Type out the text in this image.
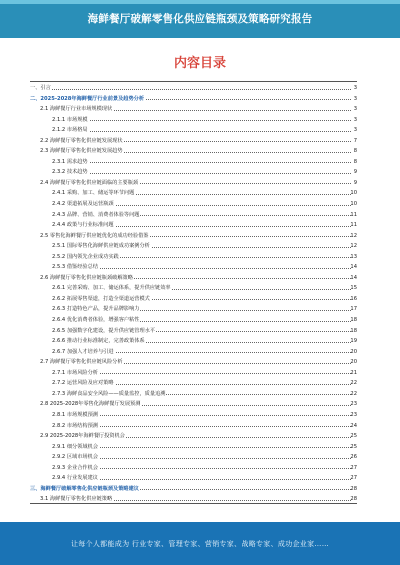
海鲜餐厅破解零售化供应链瓶颈及策略研究报告
内容目录
一、引言	3
二、2025-2028年海鲜餐厅行业前景及趋势分析	3
2.1 海鲜餐厅行业市场规模现状	3
2.1.1 市场规模	3
2.1.2 市场格局	3
2.2 海鲜餐厅零售化供应链发展现状	7
2.3 海鲜餐厅零售化供应链发展趋势	8
2.3.1 需求趋势	8
2.3.2 技术趋势	9
2.4 海鲜餐厅零售化供应链面临的主要瓶颈	9
2.4.1 采购、加工、储运等环节问题	10
2.4.2 渠道拓展及运营瓶颈	10
2.4.3 品牌、营销、消费者体验等问题	11
2.4.4 政策与行业标准问题	11
2.5 零售化海鲜餐厅供应链优化的成功经验借鉴	12
2.5.1 国际零售化海鲜供应链成功案例分析	12
2.5.2 国内领先企业成功实践	13
2.5.3 借鉴经验总结	14
2.6 海鲜餐厅零售化供应链瓶颈破解策略	14
2.6.1 完善采购、加工、储运体系，提升供应链效率	15
2.6.2 拓展零售渠道，打造全渠道运营模式	16
2.6.3 打造特色产品，提升品牌影响力	17
2.6.4 优化消费者体验，增强客户粘性	18
2.6.5 加强数字化建设，提升供应链管理水平	18
2.6.6 推动行业标准制定，完善政策体系	19
2.6.7 加强人才培养与引进	20
2.7 海鲜餐厅零售化供应链风险分析	20
2.7.1 市场风险分析	21
2.7.2 运营风险及应对策略	22
2.7.3 海鲜食品安全风险——质量监控，质量追溯	22
2.8 2025-2028年零售化海鲜餐厅发展预测	23
2.8.1 市场规模预测	23
2.8.2 市场结构预测	24
2.9 2025-2028年海鲜餐厅投资机会	25
2.9.1 细分领域机会	25
2.9.2 区域市场机会	26
2.9.3 企业合作机会	27
2.9.4 行业发展建议	27
三、海鲜餐厅破解零售化供应链瓶颈及策略建议	28
3.1 海鲜餐厅零售化供应链策略	28
让每个人都能成为 行业专家、管理专家、营销专家、战略专家、成功企业家……
